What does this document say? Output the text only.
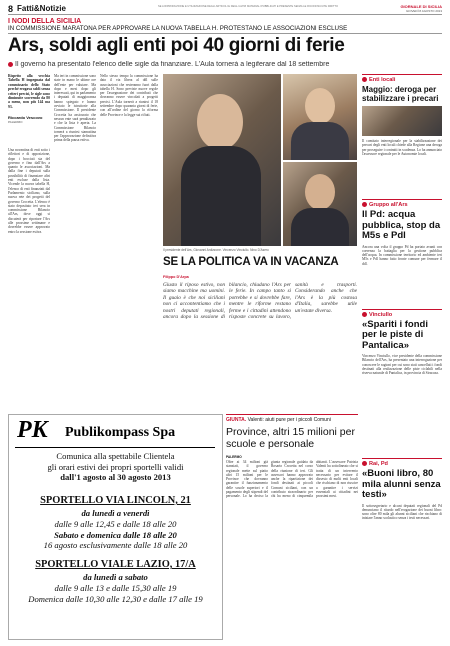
8 Fatti&Notizie	SE A RIPRODUZIONE E UTILIZZAZIONE DEGLI ARTICOLI E DEGLI ALTRI MATERIALI PUBBLICATI E PRESENTE SENZA LE RICONOSCIUTE DIRITTO	GIORNALE DI SICILIA
GIOVEDÌ 8 AGOSTO 2013
I NODI DELLA SICILIA
IN COMMISSIONE MARATONA PER APPROVARE LA NUOVA TABELLA H. PROTESTANO LE ASSOCIAZIONI ESCLUSE
Ars, soldi agli enti poi 40 giorni di ferie
Il governo ha presentato l'elenco delle sigle da finanziare. L'Aula tornerà a legiferare dal 18 settembre
Rispetto alla vecchia Tabella H impegnata dal commissario dello Stato perché erogava soldi senza criteri precisi, le sigle sono diminuite scorrendo da 80 a meno, non più 144 ma 93.
Riccardo Vescovo
PALERMO
Una novantina di enti sotto i riflettori e di opposizione, dopo i bocciati sia del governo e fino dall'Ars a quanto le associazioni. Ma dalla fine i deputati sulla possibilità di finanziare altri enti escluse dalla lista. Vicende la nuova tabella H, l'elenco di enti finanziati dal Parlamento siciliano, sulla nuova rete dei progetti del governo Crocetta. L'elenco è stato depositato ieri sera in commissione Bilancio all'Ars, dove oggi si discuterà per riportare l'Ars alle prossime settimane e dovrebbe essere approvato entro la sessione estiva.
Ma ieri in commissione sono state in mano le ultime ore dell'ente per valutare. Ma dopo e mesi dopo gli interessati, qui in parlamento i deputati di maggioranza hanno spiegato e hanno avviato le istruttorie alla Commissione. Il presidente Crocetta ha assicurato che nessun ente sarà penalizzato e che la lista è aperta. La Commissione Bilancio tornerà a riunirsi stamattina per l'approvazione definitiva prima della pausa estiva.
Nello stesso tempo la commissione ha dato il via libera al ddl sulle associazioni che resteranno fuori dalla tabella H. Sono previste nuove regole per l'assegnazione dei contributi che dovranno essere vincolati a progetti precisi. L'Aula tornerà a riunirsi il 18 settembre dopo quaranta giorni di ferie, con all'ordine del giorno la riforma delle Province e la legge sui rifiuti.
Il presidente dell'Ars, Giovanni Ardizzone. Vincenzo Vinciullo. Nino D'Asero
SE LA POLITICA VA IN VACANZA
Filippo D'Arpa
Giusto il riposo estivo, non siamo macchine ma uomini. Il guaio è che noi siciliani non ci accontentiamo che i nostri deputati regionali, ancora dopo la sessione di bilancio, chiudano l'Ars per le ferie. In campo tanto si potrebbe e si dovrebbe fare, mentre le riforme restano ferme e i cittadini attendono risposte concrete su lavoro, sanità e trasporti. Considerando anche che l'Ars è la più costosa d'Italia, sarebbe utile un'estate diversa.
PK Publikompass Spa
Comunica alla spettabile Clientela
gli orari estivi dei propri sportelli validi
dall'1 agosto al 30 agosto 2013
SPORTELLO VIA LINCOLN, 21
da lunedì a venerdì
dalle 9 alle 12,45 e dalle 18 alle 20
Sabato e domenica dalle 18 alle 20
16 agosto esclusivamente dalle 18 alle 20
SPORTELLO VIALE LAZIO, 17/A
da lunedì a sabato
dalle 9 alle 13 e dalle 15,30 alle 19
Domenica dalle 10,30 alle 12,30 e dalle 17 alle 19
GIUNTA. Valenti: aiuti pure per i piccoli Comuni
Province, altri 15 milioni per scuole e personale
PALERMO
Oltre ai 34 milioni già stanziati, il governo regionale mette sul piatto altri 15 milioni per le Province che dovranno garantire il funzionamento delle scuole superiori e il pagamento degli stipendi del personale. Lo ha deciso la giunta regionale guidata da Rosario Crocetta nel corso della riunione di ieri. Gli assessori hanno approvato anche la ripartizione dei fondi destinati ai piccoli Comuni siciliani, con un contributo straordinario per chi ha meno di cinquemila abitanti. L'assessore Patrizia Valenti ha sottolineato che si tratta di un intervento necessario per evitare il dissesto di molti enti locali che rischiano di non riuscire a garantire i servizi essenziali ai cittadini nei prossimi mesi.
Enti locali
Maggio: deroga per stabilizzare i precari
Il comitato interregionale per la stabilizzazione dei precari degli enti locali chiede alla Regione una deroga per proseguire i contratti in scadenza. Lo ha annunciato l'assessore regionale per le Autonomie locali.
Gruppo all'Ars
Il Pd: acqua pubblica, stop da M5s e Pdl
Ancora una volta il gruppo Pd ha portato avanti con coerenza la battaglia per la gestione pubblica dell'acqua. In commissione territorio ed ambiente ieri M5s e Pdl hanno fatto fronte comune per fermare il ddl.
Vinciullo
«Spariti i fondi per le piste di Pantalica»
Vincenzo Vinciullo, vice presidente della commissione Bilancio dell'Ars, ha presentato una interrogazione per conoscere le ragioni per cui sono stati cancellati i fondi destinati alla realizzazione delle piste ciclabili nella riserva naturale di Pantalica, in provincia di Siracusa.
Rai, Pd
«Buoni libro, 80 mila alunni senza testi»
Il sottosegretario e alcuni deputati regionali del Pd denunciano il ritardo nell'erogazione dei buoni libro: sono oltre 80 mila gli alunni siciliani che rischiano di iniziare l'anno scolastico senza i testi necessari.
